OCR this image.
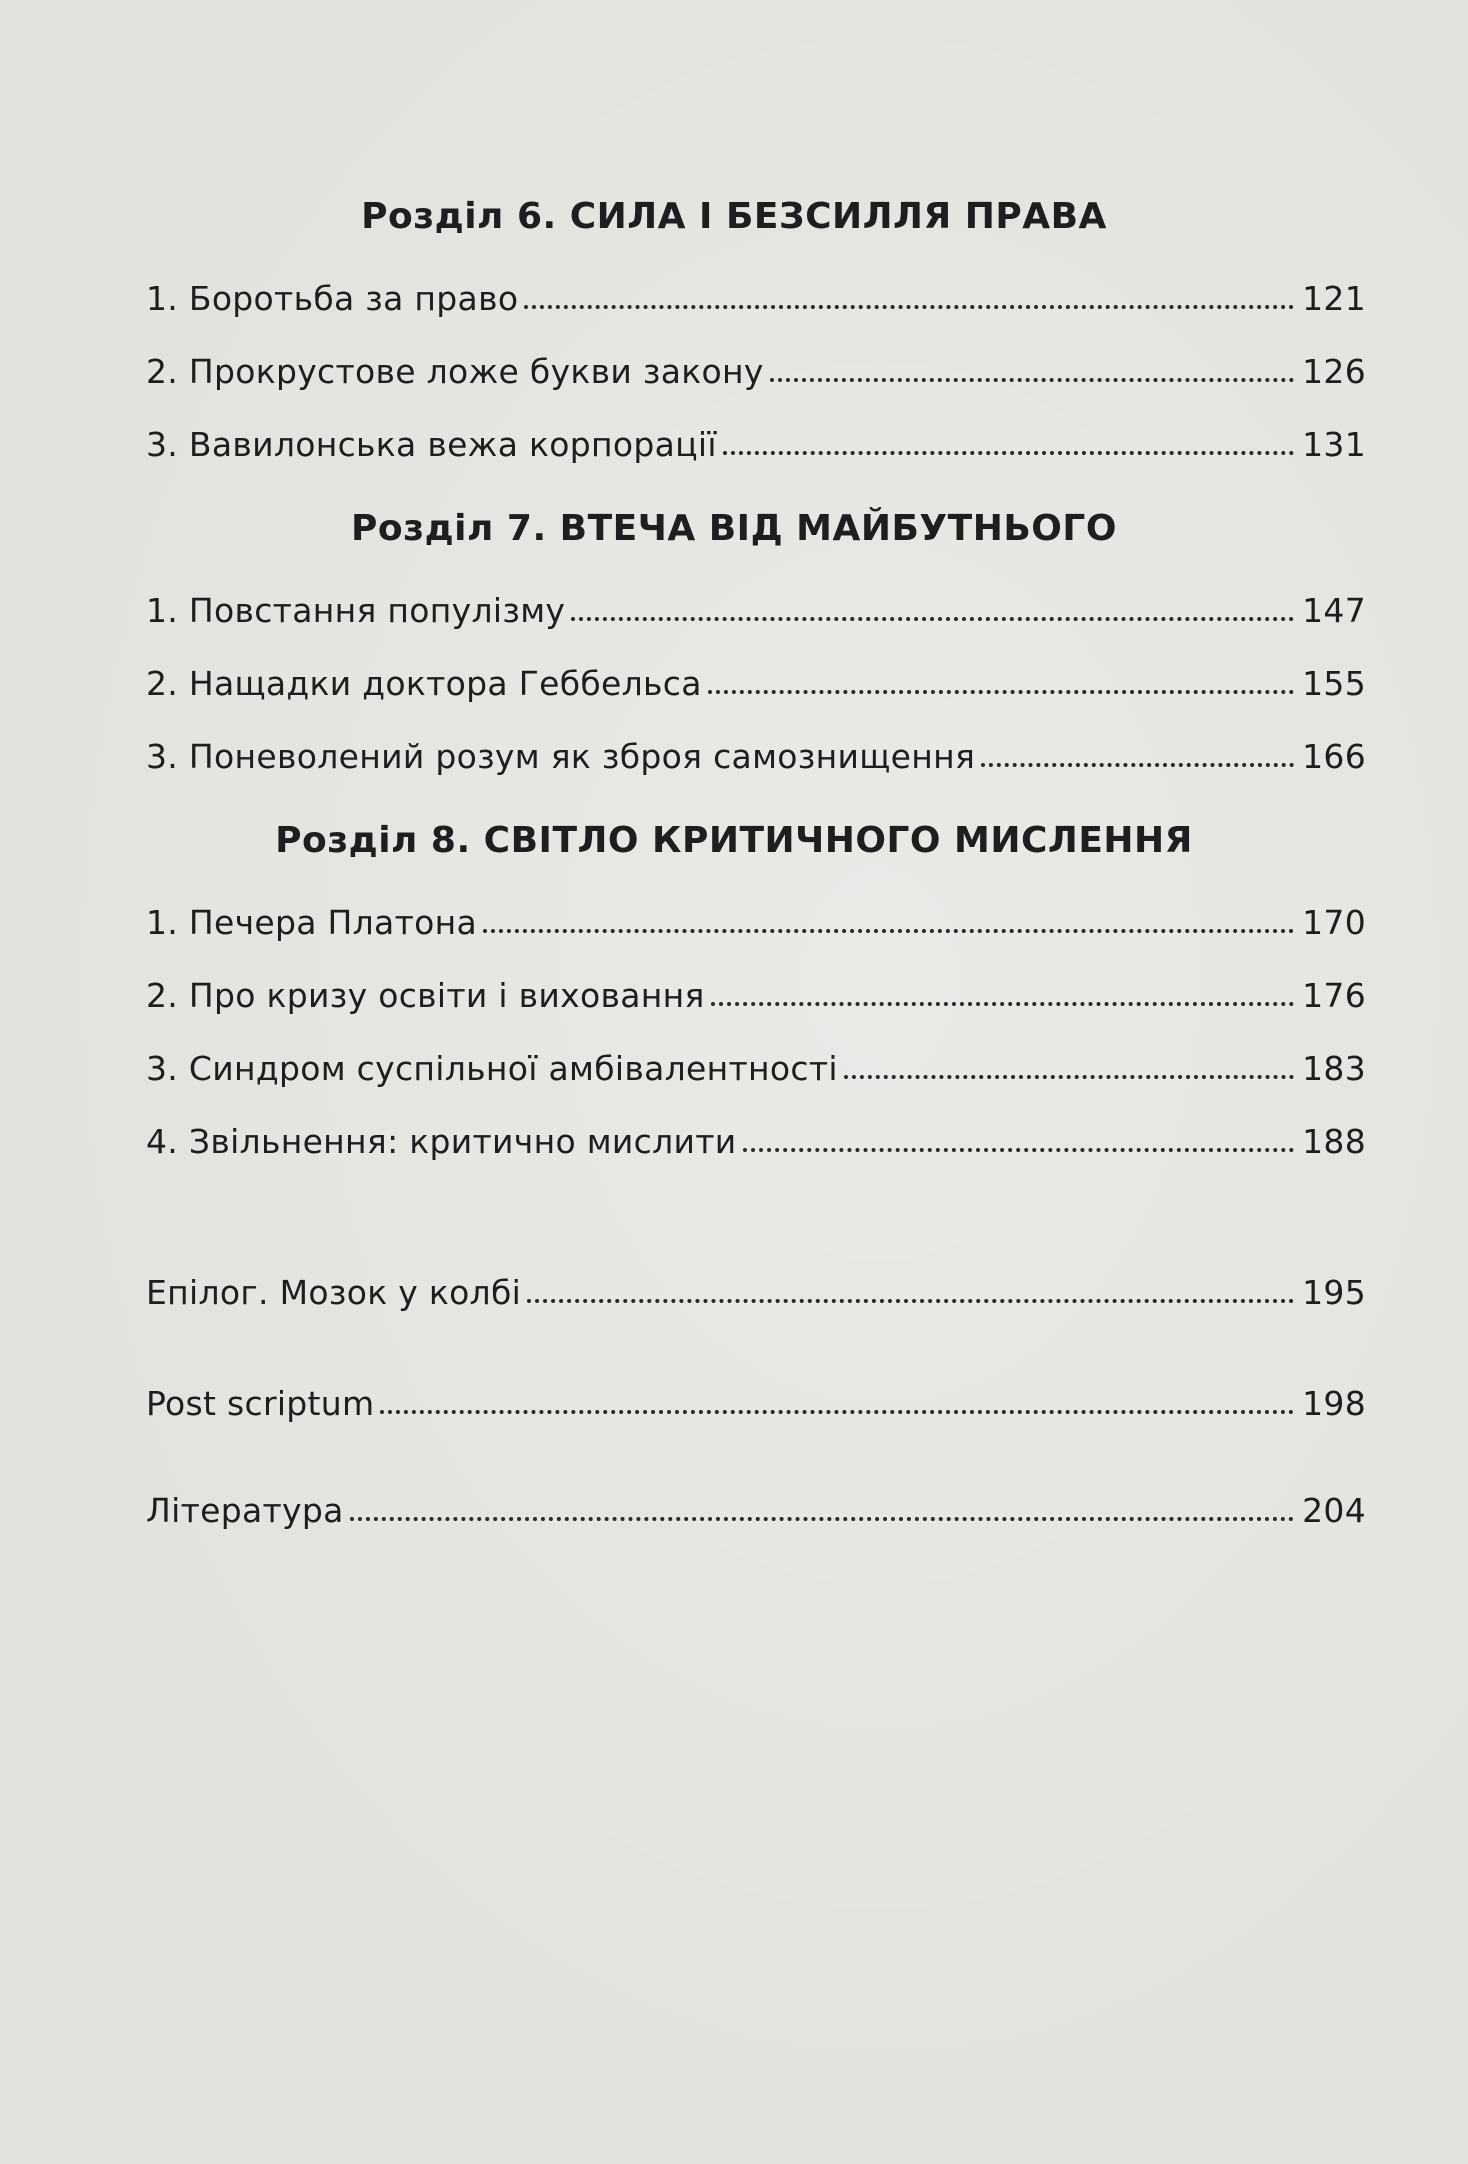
Розділ 6. СИЛА І БЕЗСИЛЛЯ ПРАВА
1. Боротьба за право	121
2. Прокрустове ложе букви закону	126
3. Вавилонська вежа корпорації	131
Розділ 7. ВТЕЧА ВІД МАЙБУТНЬОГО
1. Повстання популізму	147
2. Нащадки доктора Геббельса	155
3. Поневолений розум як зброя самознищення	166
Розділ 8. СВІТЛО КРИТИЧНОГО МИСЛЕННЯ
1. Печера Платона	170
2. Про кризу освіти і виховання	176
3. Синдром суспільної амбівалентності	183
4. Звільнення: критично мислити	188
Епілог. Мозок у колбі	195
Post scriptum	198
Література	204
